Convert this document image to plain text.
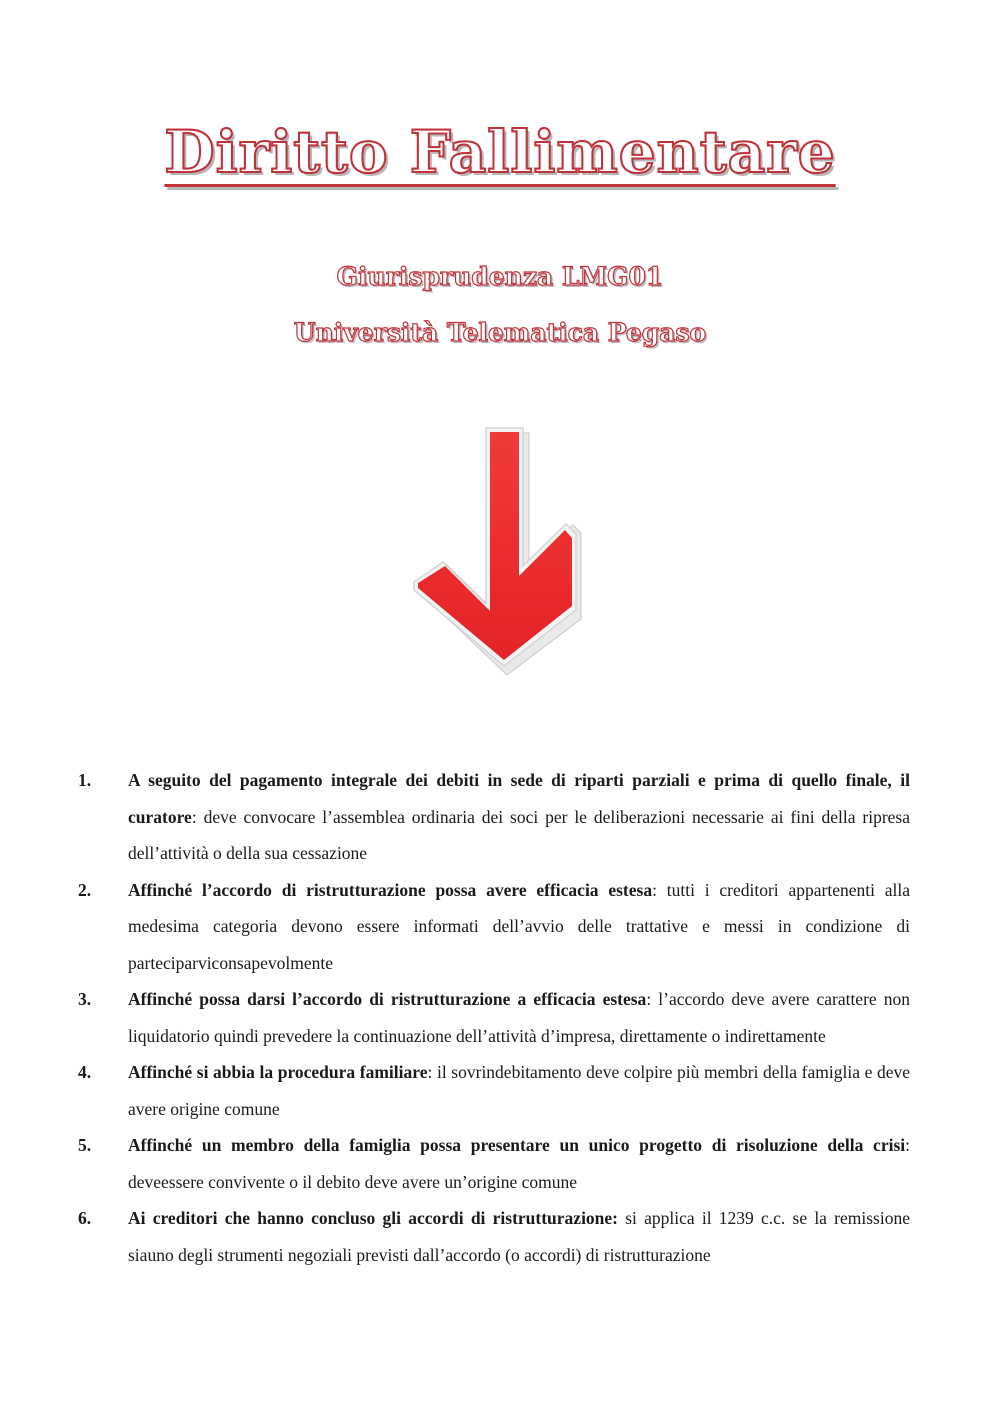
Diritto Fallimentare

Giurisprudenza LMG01

Università Telematica Pegaso

1.	A seguito del pagamento integrale dei debiti in sede di riparti parziali e prima di quello finale, il curatore: deve convocare l’assemblea ordinaria dei soci per le deliberazioni necessarie ai fini della ripresa dell’attività o della sua cessazione
2.	Affinché l’accordo di ristrutturazione possa avere efficacia estesa: tutti i creditori appartenenti alla medesima categoria devono essere informati dell’avvio delle trattative e messi in condizione di parteciparviconsapevolmente
3.	Affinché possa darsi l’accordo di ristrutturazione a efficacia estesa: l’accordo deve avere carattere non liquidatorio quindi prevedere la continuazione dell’attività d’impresa, direttamente o indirettamente
4.	Affinché si abbia la procedura familiare: il sovrindebitamento deve colpire più membri della famiglia e deve avere origine comune
5.	Affinché un membro della famiglia possa presentare un unico progetto di risoluzione della crisi: deveessere convivente o il debito deve avere un’origine comune
6.	Ai creditori che hanno concluso gli accordi di ristrutturazione: si applica il 1239 c.c. se la remissione siauno degli strumenti negoziali previsti dall’accordo (o accordi) di ristrutturazione
